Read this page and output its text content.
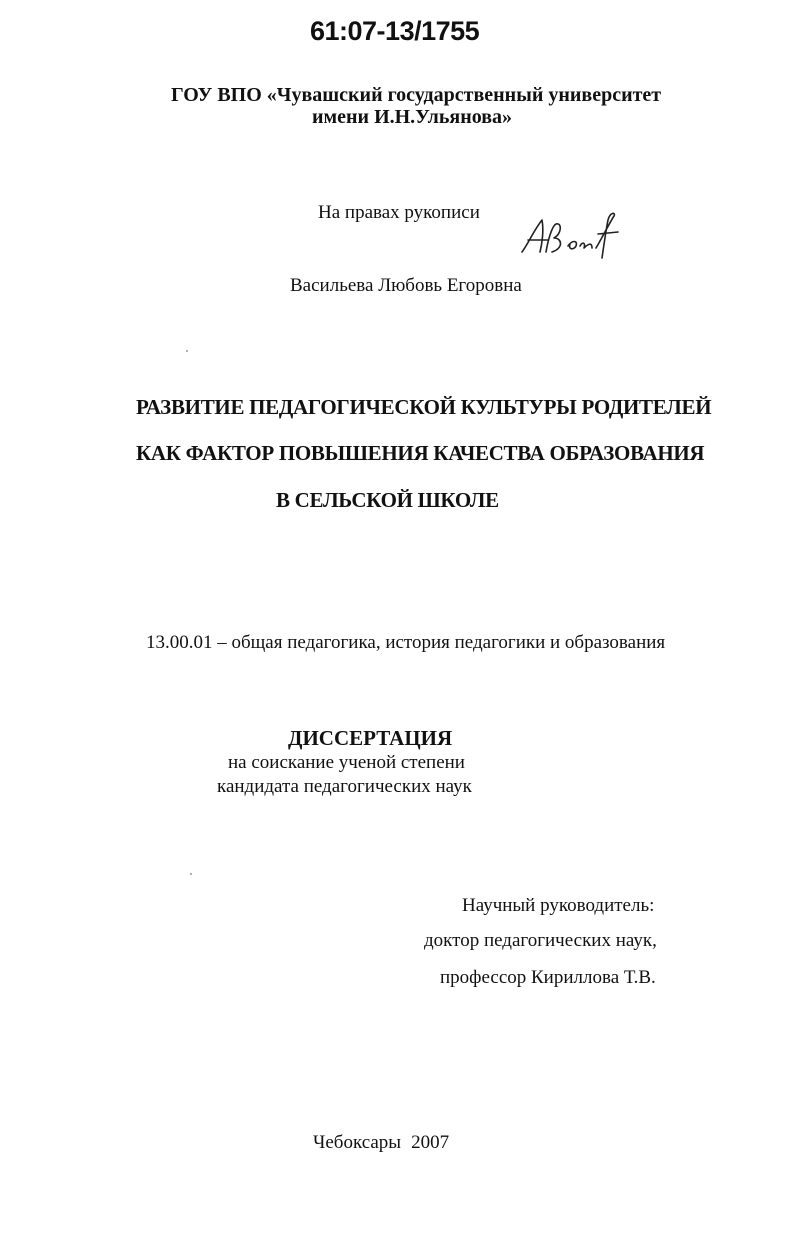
61:07-13/1755
ГОУ ВПО «Чувашский государственный университет
имени И.Н.Ульянова»
На правах рукописи
Васильева Любовь Егоровна
РАЗВИТИЕ ПЕДАГОГИЧЕСКОЙ КУЛЬТУРЫ РОДИТЕЛЕЙ
КАК ФАКТОР ПОВЫШЕНИЯ КАЧЕСТВА ОБРАЗОВАНИЯ
В СЕЛЬСКОЙ ШКОЛЕ
13.00.01 – общая педагогика, история педагогики и образования
ДИССЕРТАЦИЯ
на соискание ученой степени
кандидата педагогических наук
Научный руководитель:
доктор педагогических наук,
профессор Кириллова Т.В.
Чебоксары 2007
